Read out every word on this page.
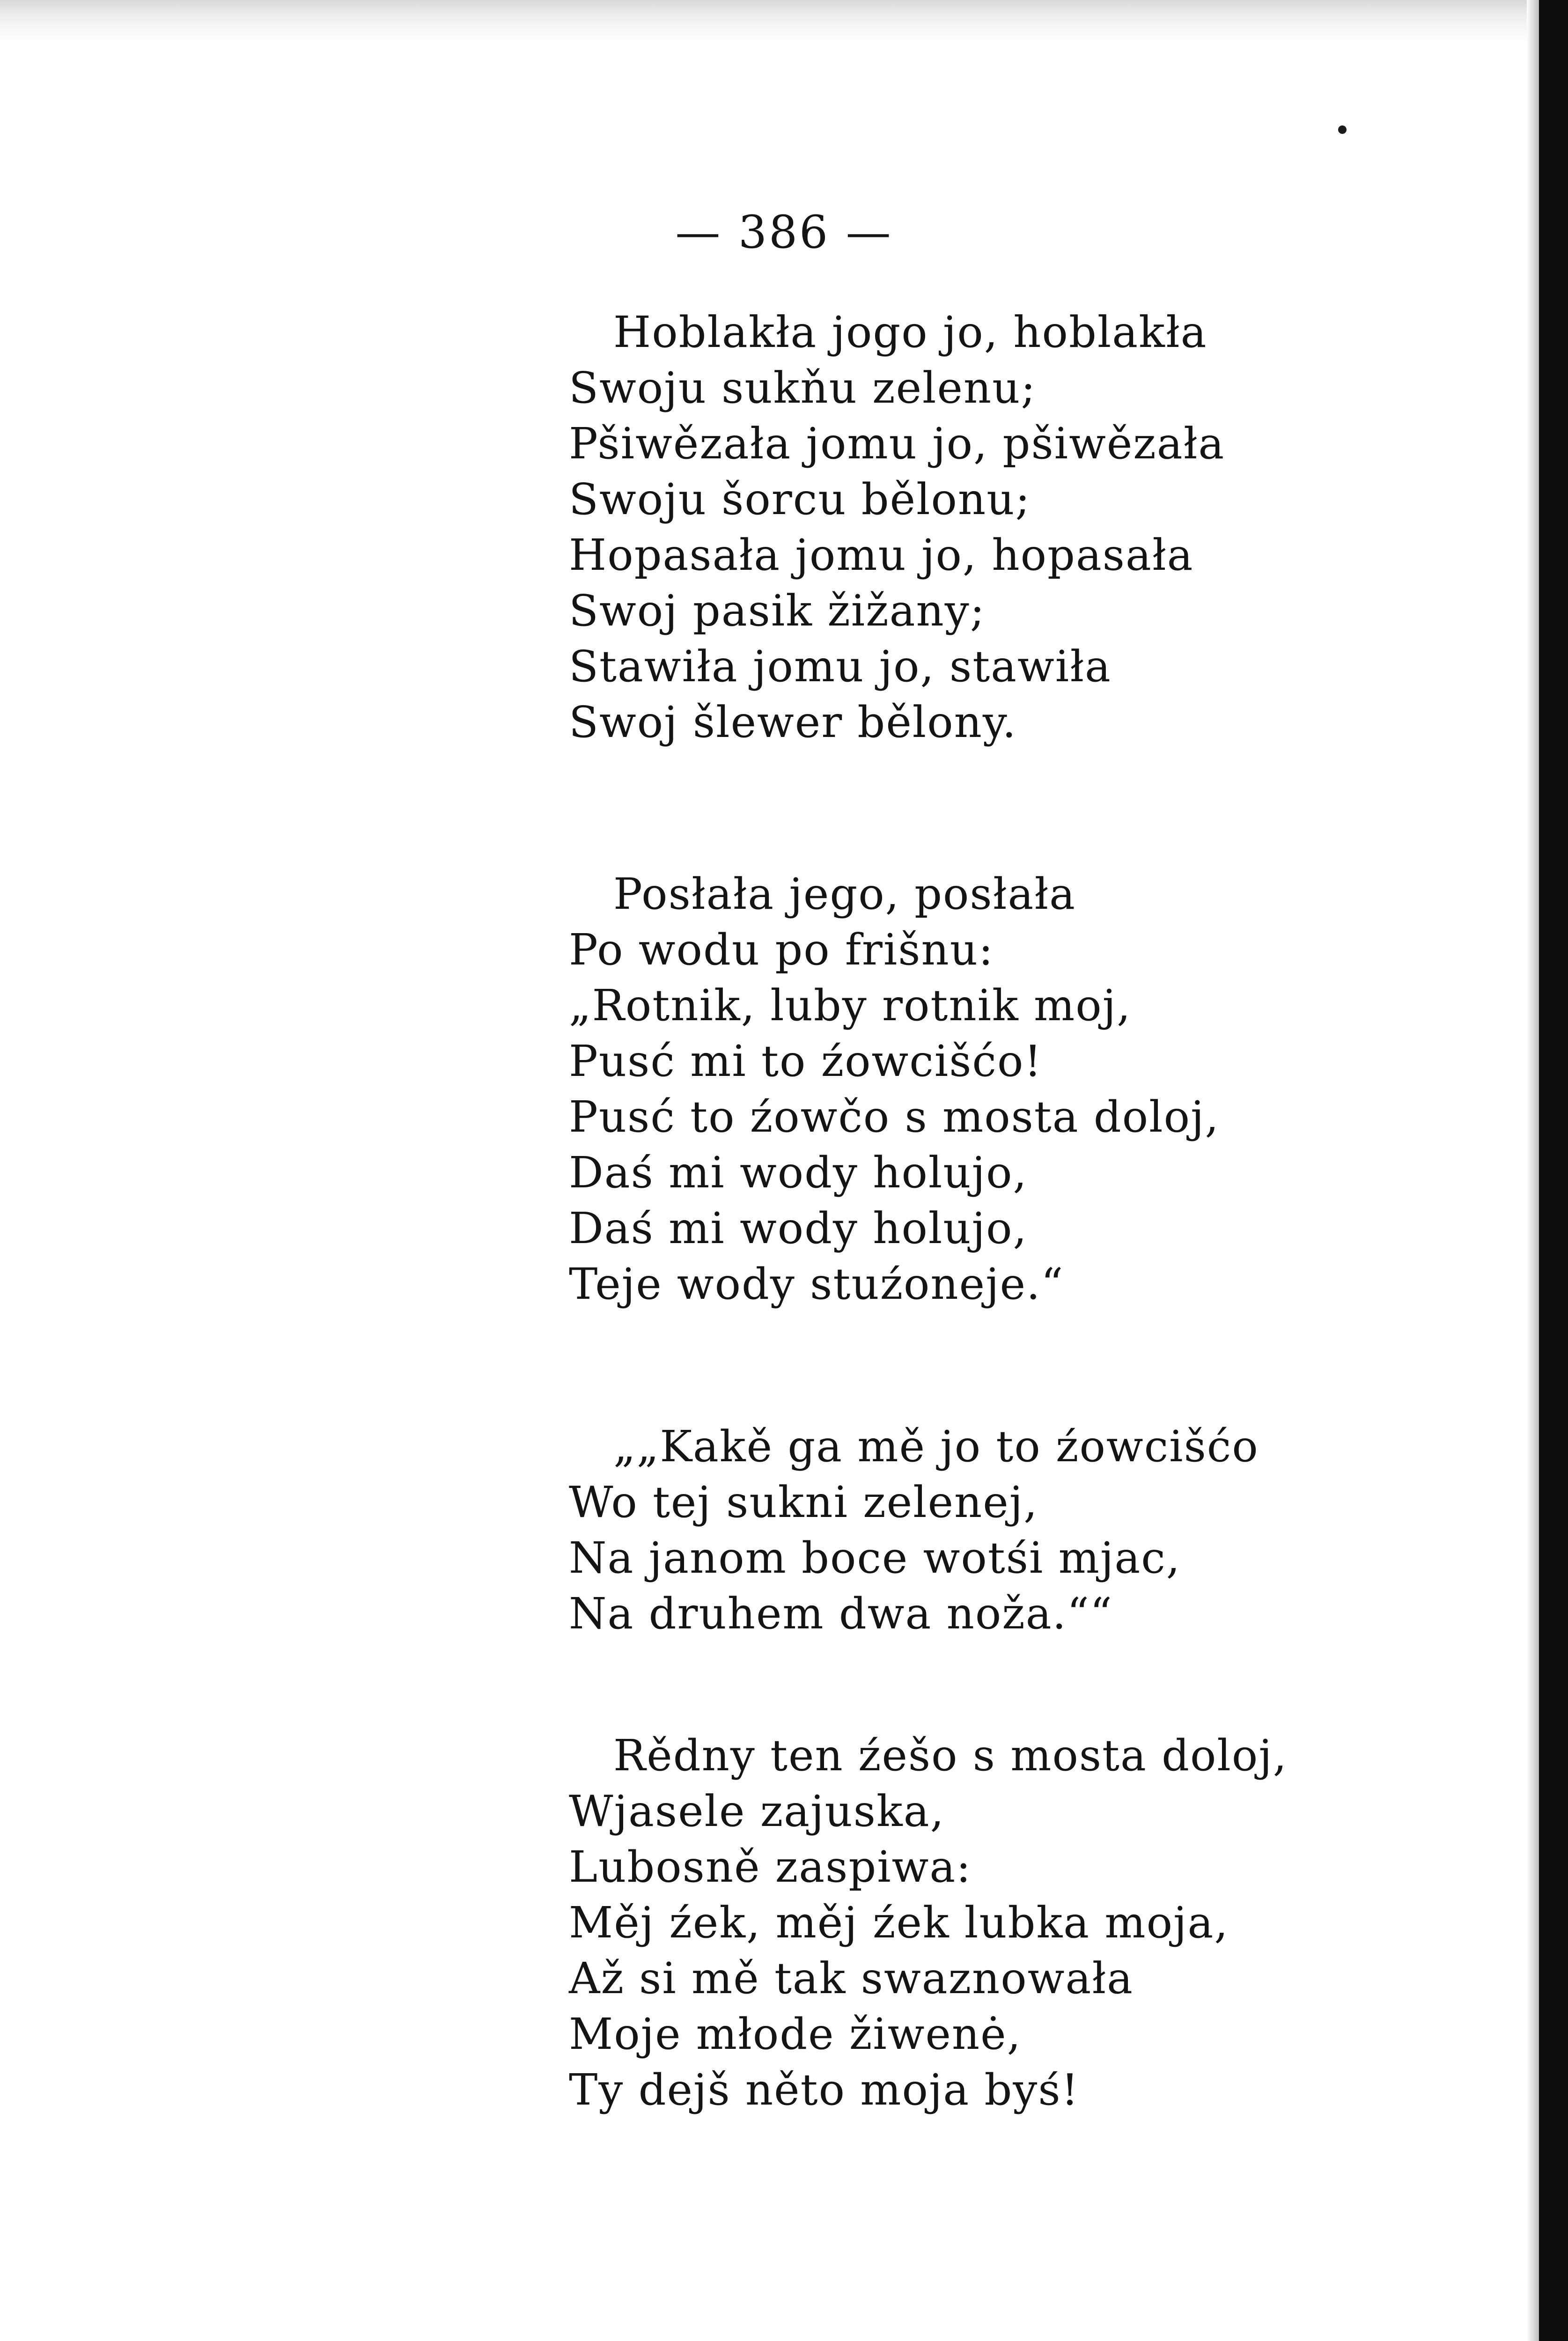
— 386 —
Hoblakła jogo jo, hoblakła
Swoju sukňu zelenu;
Pšiwězała jomu jo, pšiwězała
Swoju šorcu bělonu;
Hopasała jomu jo, hopasała
Swoj pasik žižany;
Stawiła jomu jo, stawiła
Swoj šlewer bělony.
Posłała jego, posłała
Po wodu po frišnu:
„Rotnik, luby rotnik moj,
Pusć mi to źowcišćo!
Pusć to źowčo s mosta doloj,
Daś mi wody holujo,
Daś mi wody holujo,
Teje wody stuźoneje.“
„„Kakě ga mě jo to źowcišćo
Wo tej sukni zelenej,
Na janom boce wotśi mjac,
Na druhem dwa noža.““
Rědny ten źešo s mosta doloj,
Wjasele zajuska,
Lubosně zaspiwa:
Měj źek, měj źek lubka moja,
Až si mě tak swaznowała
Moje młode žiwenė,
Ty dejš něto moja byś!
